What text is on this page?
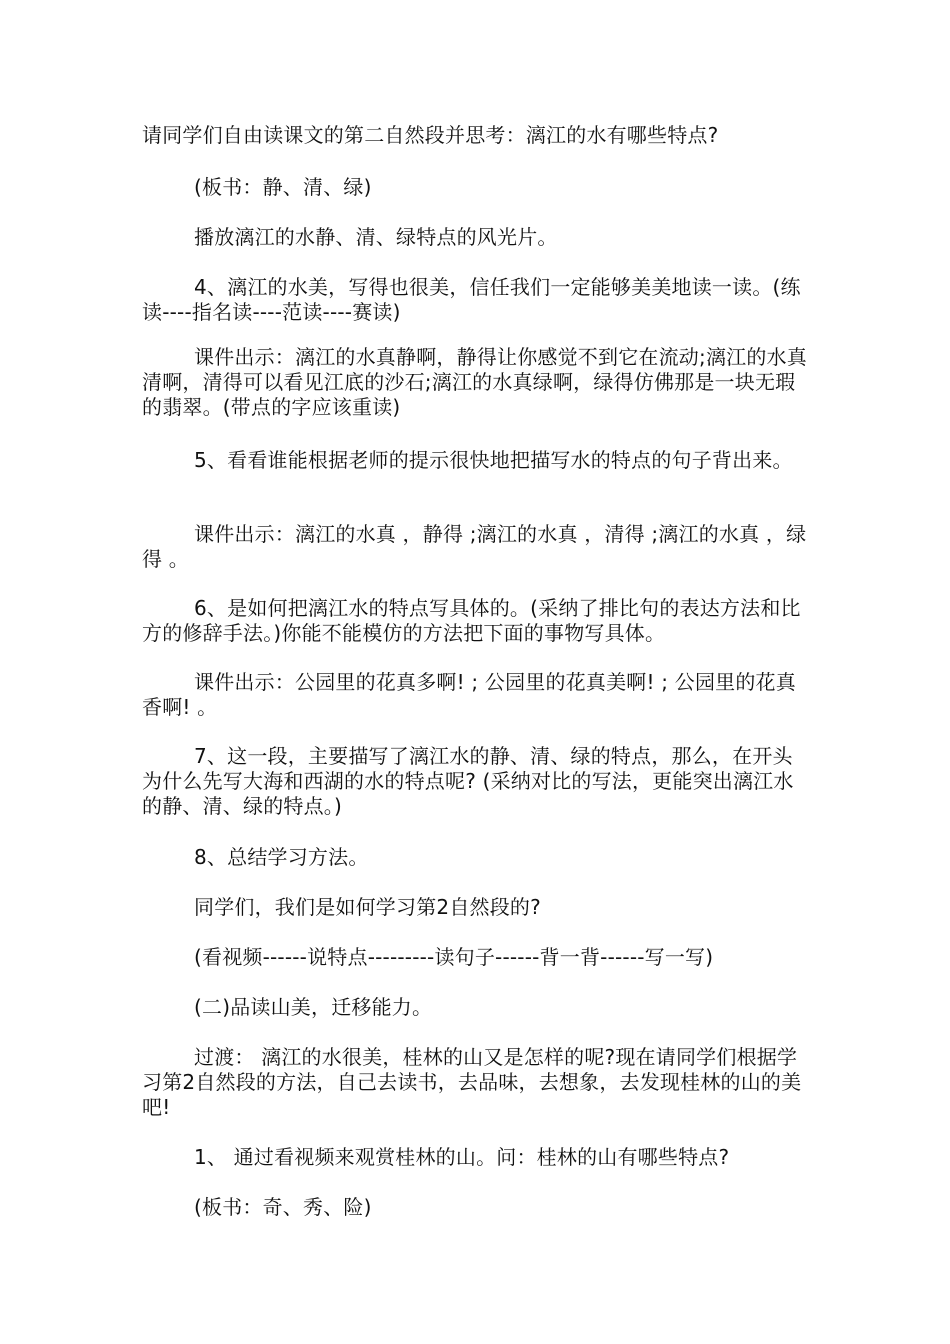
请同学们自由读课文的第二自然段并思考：漓江的水有哪些特点?

(板书：静、清、绿)

播放漓江的水静、清、绿特点的风光片。

4、漓江的水美，写得也很美，信任我们一定能够美美地读一读。(练读----指名读----范读----赛读)

课件出示：漓江的水真静啊，静得让你感觉不到它在流动;漓江的水真清啊，清得可以看见江底的沙石;漓江的水真绿啊，绿得仿佛那是一块无瑕的翡翠。(带点的字应该重读)

5、看看谁能根据老师的提示很快地把描写水的特点的句子背出来。

课件出示：漓江的水真 ，静得 ;漓江的水真 ，清得 ;漓江的水真 ，绿得 。

6、是如何把漓江水的特点写具体的。(采纳了排比句的表达方法和比方的修辞手法。)你能不能模仿的方法把下面的事物写具体。

课件出示：公园里的花真多啊! ; 公园里的花真美啊! ; 公园里的花真香啊! 。

7、这一段，主要描写了漓江水的静、清、绿的特点，那么，在开头为什么先写大海和西湖的水的特点呢? (采纳对比的写法，更能突出漓江水的静、清、绿的特点。)

8、总结学习方法。

同学们，我们是如何学习第2自然段的?

(看视频------说特点---------读句子------背一背------写一写)

(二)品读山美，迁移能力。

过渡： 漓江的水很美，桂林的山又是怎样的呢?现在请同学们根据学习第2自然段的方法，自己去读书，去品味，去想象，去发现桂林的山的美吧!

1、 通过看视频来观赏桂林的山。问：桂林的山有哪些特点?

(板书：奇、秀、险)
